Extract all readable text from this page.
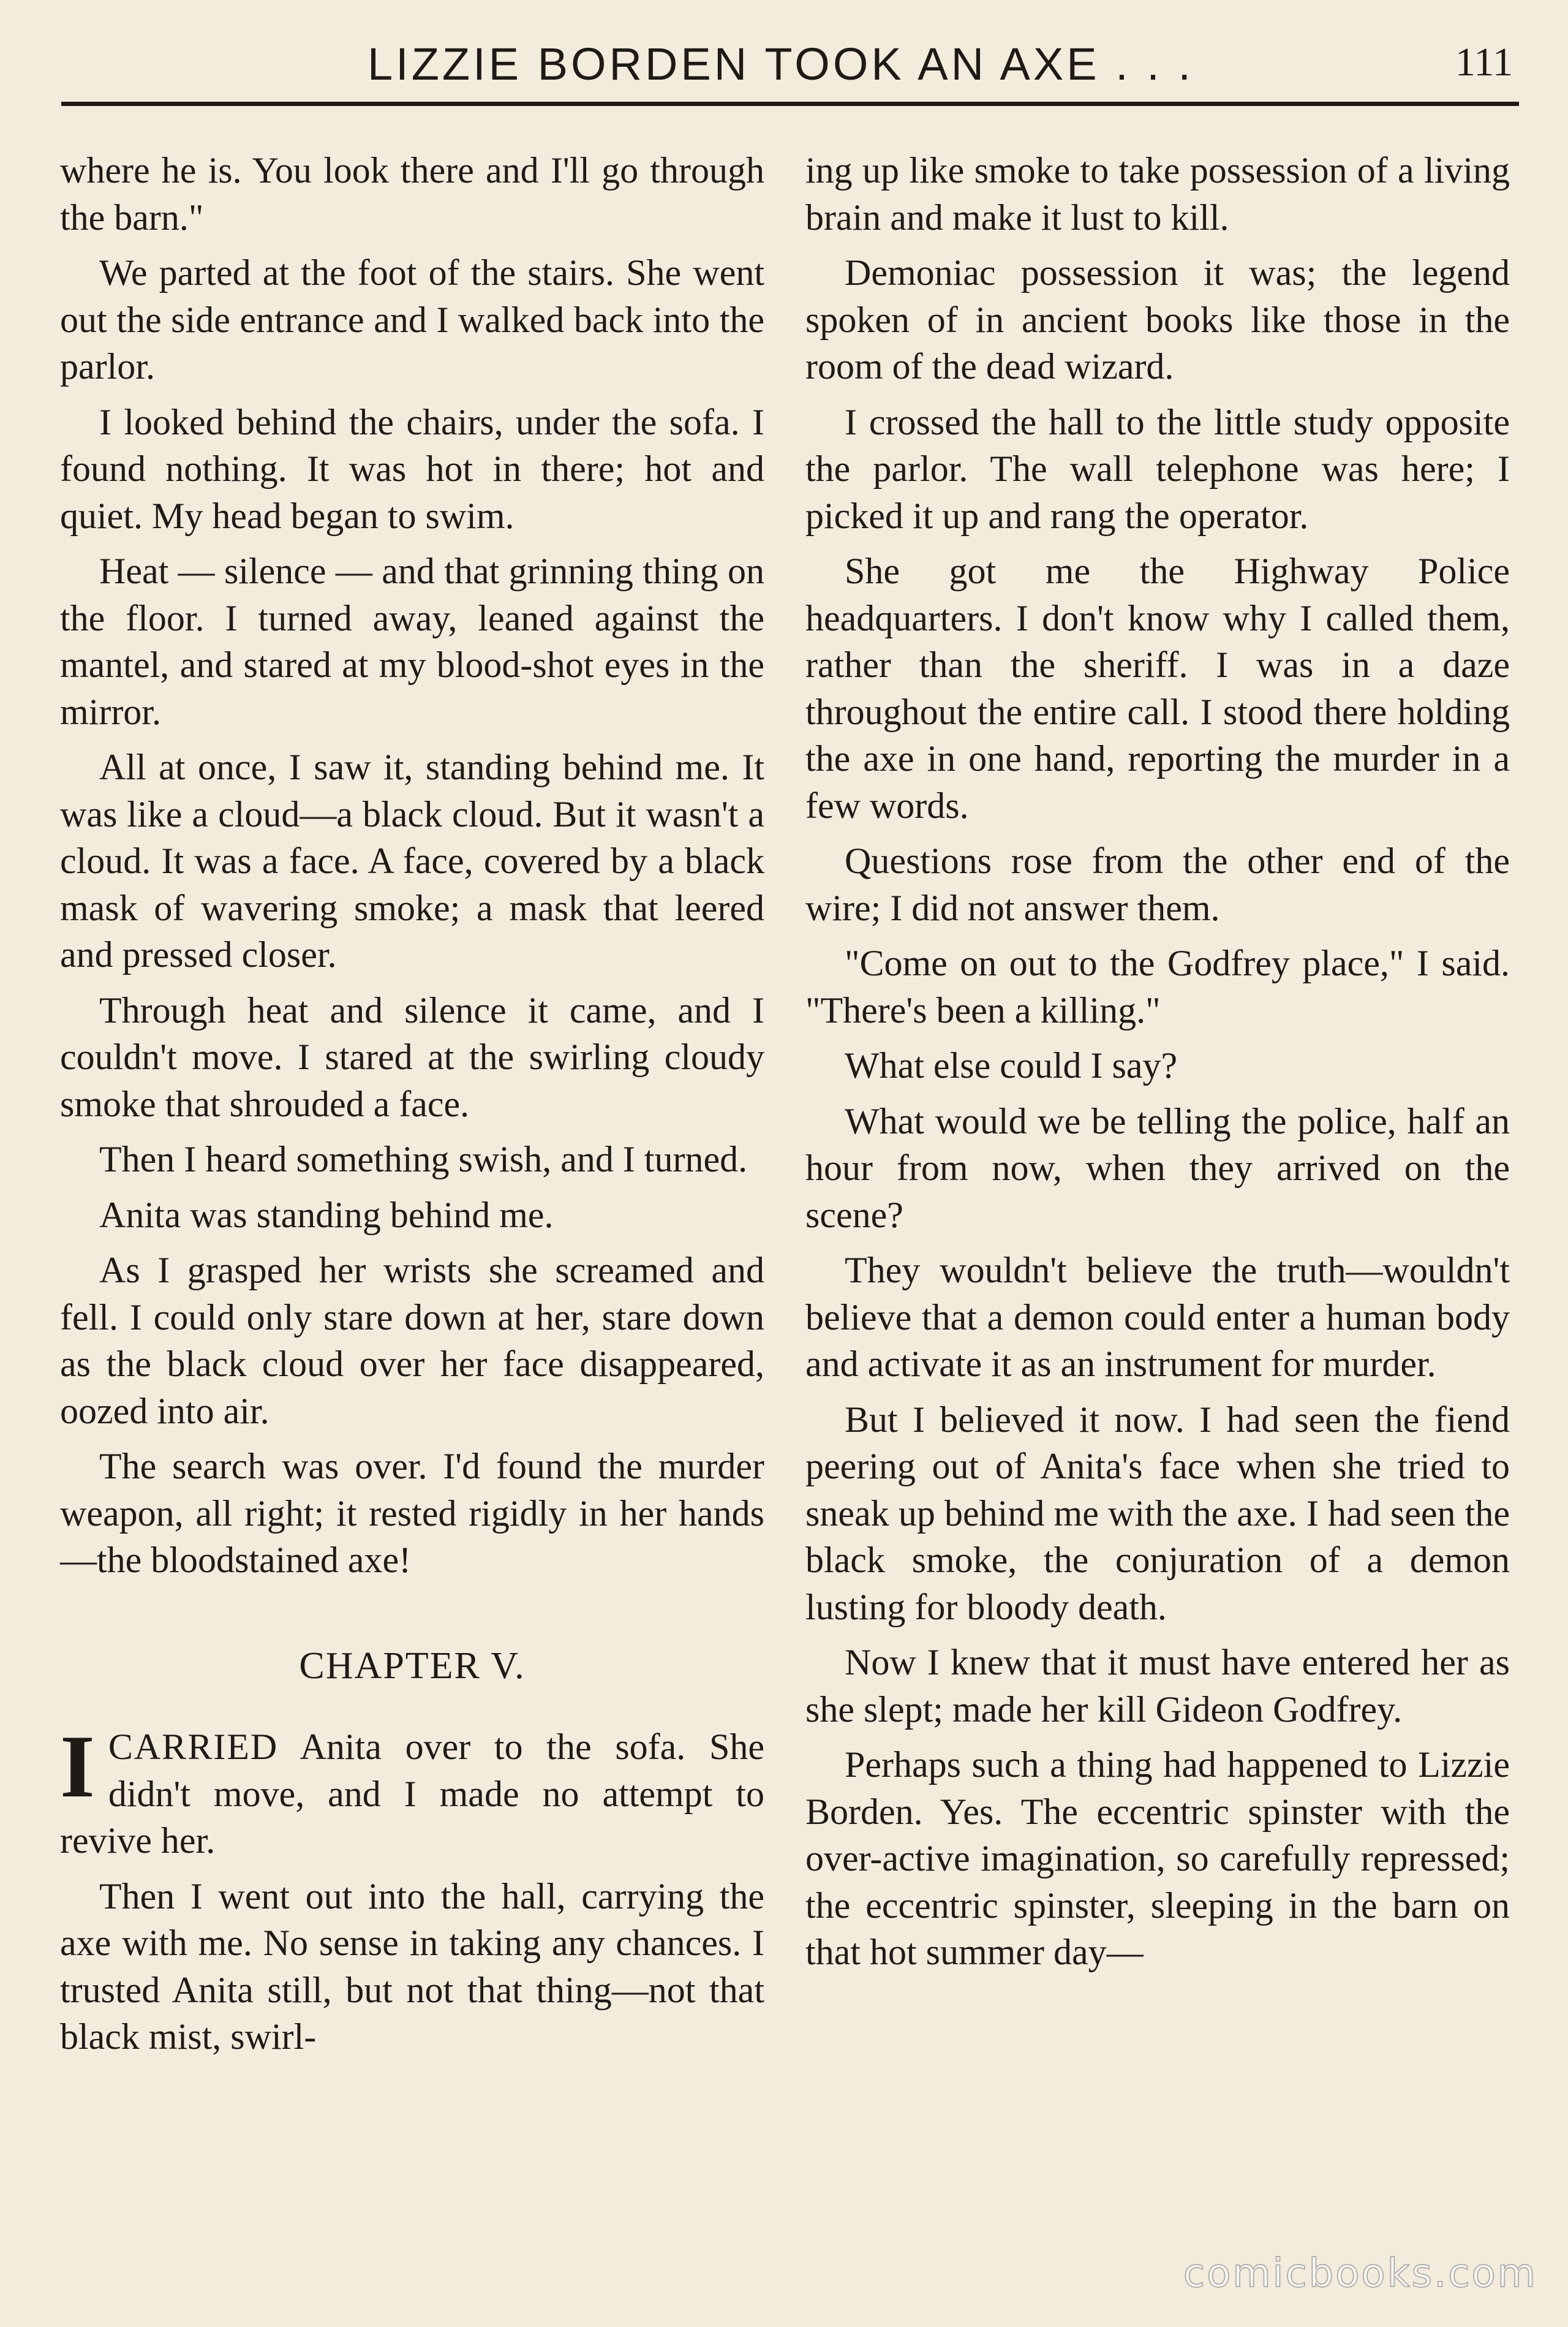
LIZZIE BORDEN TOOK AN AXE . . .	111

where he is. You look there and I'll go through the barn."

We parted at the foot of the stairs. She went out the side entrance and I walked back into the parlor.

I looked behind the chairs, under the sofa. I found nothing. It was hot in there; hot and quiet. My head began to swim.

Heat — silence — and that grinning thing on the floor. I turned away, leaned against the mantel, and stared at my blood-shot eyes in the mirror.

All at once, I saw it, standing behind me. It was like a cloud—a black cloud. But it wasn't a cloud. It was a face. A face, covered by a black mask of wavering smoke; a mask that leered and pressed closer.

Through heat and silence it came, and I couldn't move. I stared at the swirling cloudy smoke that shrouded a face.

Then I heard something swish, and I turned.

Anita was standing behind me.

As I grasped her wrists she screamed and fell. I could only stare down at her, stare down as the black cloud over her face disappeared, oozed into air.

The search was over. I'd found the murder weapon, all right; it rested rigidly in her hands—the bloodstained axe!

CHAPTER V.

ICARRIED Anita over to the sofa. She didn't move, and I made no attempt to revive her.

Then I went out into the hall, carrying the axe with me. No sense in taking any chances. I trusted Anita still, but not that thing—not that black mist, swirl-

ing up like smoke to take possession of a living brain and make it lust to kill.

Demoniac possession it was; the legend spoken of in ancient books like those in the room of the dead wizard.

I crossed the hall to the little study opposite the parlor. The wall telephone was here; I picked it up and rang the operator.

She got me the Highway Police headquarters. I don't know why I called them, rather than the sheriff. I was in a daze throughout the entire call. I stood there holding the axe in one hand, reporting the murder in a few words.

Questions rose from the other end of the wire; I did not answer them.

"Come on out to the Godfrey place," I said. "There's been a killing."

What else could I say?

What would we be telling the police, half an hour from now, when they arrived on the scene?

They wouldn't believe the truth—wouldn't believe that a demon could enter a human body and activate it as an instrument for murder.

But I believed it now. I had seen the fiend peering out of Anita's face when she tried to sneak up behind me with the axe. I had seen the black smoke, the conjuration of a demon lusting for bloody death.

Now I knew that it must have entered her as she slept; made her kill Gideon Godfrey.

Perhaps such a thing had happened to Lizzie Borden. Yes. The eccentric spinster with the over-active imagination, so carefully repressed; the eccentric spinster, sleeping in the barn on that hot summer day—

comicbooks.com
